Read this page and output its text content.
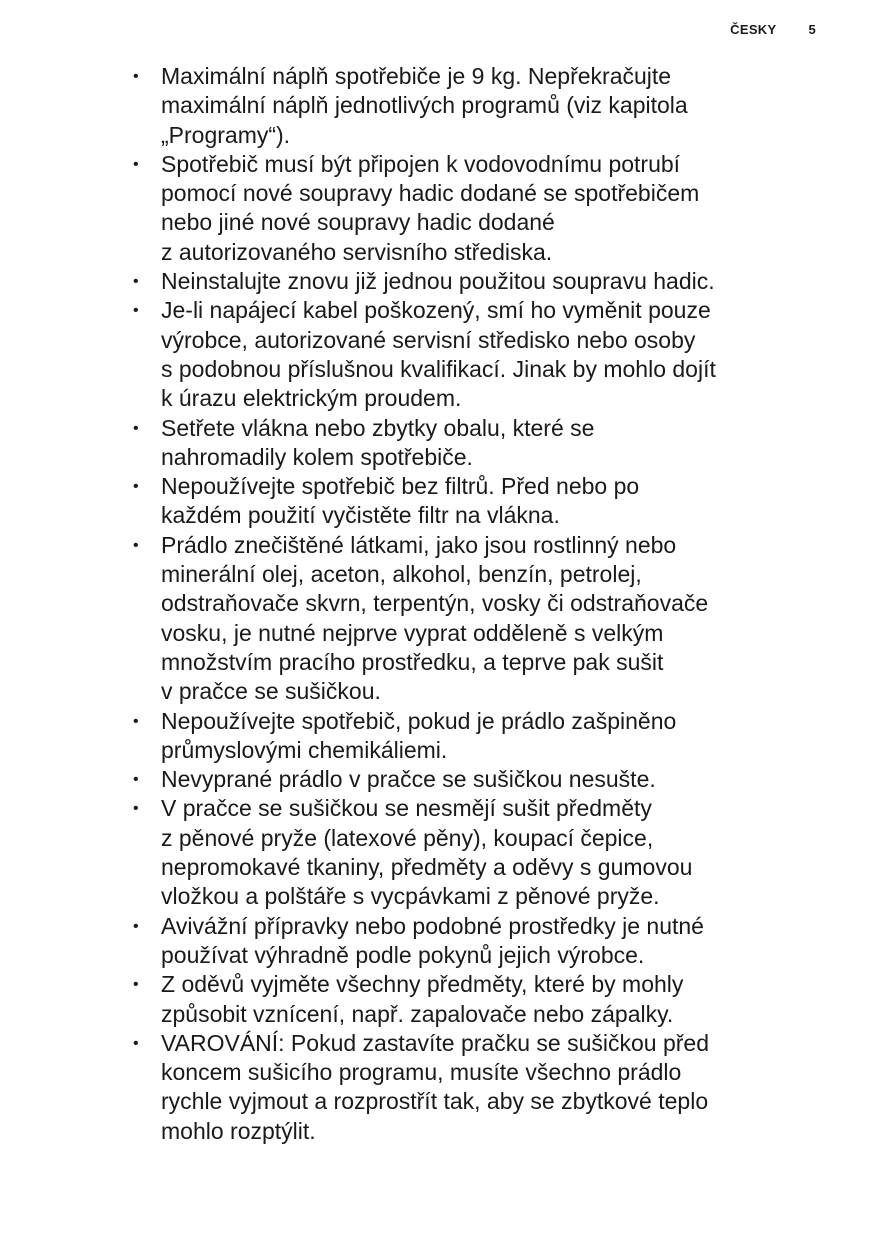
ČESKY 5
• Maximální náplň spotřebiče je 9 kg. Nepřekračujte
maximální náplň jednotlivých programů (viz kapitola
„Programy“).
• Spotřebič musí být připojen k vodovodnímu potrubí
pomocí nové soupravy hadic dodané se spotřebičem
nebo jiné nové soupravy hadic dodané
z autorizovaného servisního střediska.
• Neinstalujte znovu již jednou použitou soupravu hadic.
• Je-li napájecí kabel poškozený, smí ho vyměnit pouze
výrobce, autorizované servisní středisko nebo osoby
s podobnou příslušnou kvalifikací. Jinak by mohlo dojít
k úrazu elektrickým proudem.
• Setřete vlákna nebo zbytky obalu, které se
nahromadily kolem spotřebiče.
• Nepoužívejte spotřebič bez filtrů. Před nebo po
každém použití vyčistěte filtr na vlákna.
• Prádlo znečištěné látkami, jako jsou rostlinný nebo
minerální olej, aceton, alkohol, benzín, petrolej,
odstraňovače skvrn, terpentýn, vosky či odstraňovače
vosku, je nutné nejprve vyprat odděleně s velkým
množstvím pracího prostředku, a teprve pak sušit
v pračce se sušičkou.
• Nepoužívejte spotřebič, pokud je prádlo zašpiněno
průmyslovými chemikáliemi.
• Nevyprané prádlo v pračce se sušičkou nesušte.
• V pračce se sušičkou se nesmějí sušit předměty
z pěnové pryže (latexové pěny), koupací čepice,
nepromokavé tkaniny, předměty a oděvy s gumovou
vložkou a polštáře s vycpávkami z pěnové pryže.
• Avivážní přípravky nebo podobné prostředky je nutné
používat výhradně podle pokynů jejich výrobce.
• Z oděvů vyjměte všechny předměty, které by mohly
způsobit vznícení, např. zapalovače nebo zápalky.
• VAROVÁNÍ: Pokud zastavíte pračku se sušičkou před
koncem sušicího programu, musíte všechno prádlo
rychle vyjmout a rozprostřít tak, aby se zbytkové teplo
mohlo rozptýlit.
